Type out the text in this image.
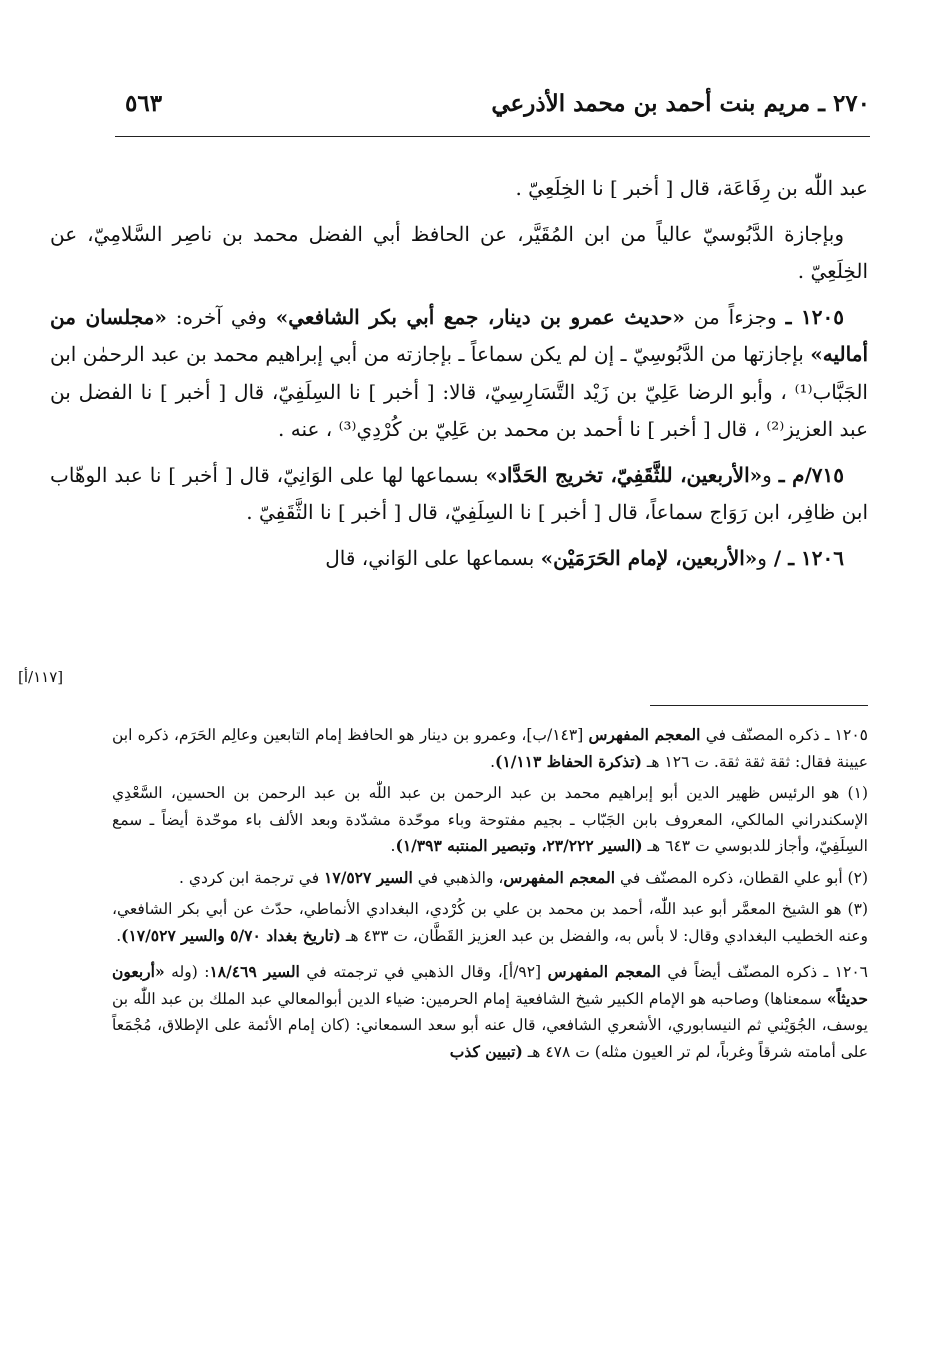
٢٧٠ ـ مريم بنت أحمد بن محمد الأذرعي
٥٦٣

عبد اللّٰه بن رِفَاعَة، قال [ أخبر ] نا الخِلَعِيّ .

وبإجازة الدَّبُوسيّ عالياً من ابن المُقَيَّر، عن الحافظ أبي الفضل محمد بن ناصِر السَّلامِيّ، عن الخِلَعِيّ .

١٢٠٥ ـ وجزءاً من «حديث عمرو بن دينار، جمع أبي بكر الشافعي» وفي آخره: «مجلسان من أماليه» بإجازتها من الدَّبُوسِيّ ـ إن لم يكن سماعاً ـ بإجازته من أبي إبراهيم محمد بن عبد الرحمٰن ابن الجَبَّاب⁽¹⁾ ، وأبو الرضا عَلِيّ بن زَيْد التَّسَارِسِيّ، قالا: [ أخبر ] نا السِلَفِيّ، قال [ أخبر ] نا الفضل بن عبد العزيز⁽²⁾ ، قال [ أخبر ] نا أحمد بن محمد بن عَلِيّ بن كُرْدِي⁽³⁾ ، عنه .

٧١٥/م ـ و«الأربعين، للثَّقَفِيّ، تخريج الحَدَّاد» بسماعها لها على الوَانِيّ، قال [ أخبر ] نا عبد الوهّاب ابن ظافِر، ابن رَوَاج سماعاً، قال [ أخبر ] نا السِلَفِيّ، قال [ أخبر ] نا الثَّقَفِيّ .

١٢٠٦ ـ / و«الأربعين، لإمام الحَرَمَيْن» بسماعها على الوَاني، قال

[١١٧/أ]

١٢٠٥ ـ ذكره المصنّف في المعجم المفهرس [١٤٣/ب]، وعمرو بن دينار هو الحافظ إمام التابعين وعالِم الحَرَم، ذكره ابن عيينة فقال: ثقة ثقة ثقة. ت ١٢٦ هـ (تذكرة الحفاظ ١/١١٣).

(١) هو الرئيس ظهير الدين أبو إبراهيم محمد بن عبد الرحمن بن عبد اللّٰه بن عبد الرحمن بن الحسين، السَّعْدِي الإسكندراني المالكي، المعروف بابن الجَبّاب ـ بجيم مفتوحة وباء موحّدة مشدّدة وبعد الألف باء موحّدة أيضاً ـ سمع السِلَفِيّ، وأجاز للدبوسي ت ٦٤٣ هـ (السير ٢٣/٢٢٢، وتبصير المنتبه ١/٣٩٣).

(٢) أبو علي القطان، ذكره المصنّف في المعجم المفهرس، والذهبي في السير ١٧/٥٢٧ في ترجمة ابن كردي .

(٣) هو الشيخ المعمَّر أبو عبد اللّٰه، أحمد بن محمد بن علي بن كُرْدي، البغدادي الأنماطي، حدّث عن أبي بكر الشافعي، وعنه الخطيب البغدادي وقال: لا بأس به، والفضل بن عبد العزيز القَطَّان، ت ٤٣٣ هـ (تاريخ بغداد ٥/٧٠ والسير ١٧/٥٢٧).

١٢٠٦ ـ ذكره المصنّف أيضاً في المعجم المفهرس [٩٢/أ]، وقال الذهبي في ترجمته في السير ١٨/٤٦٩: (وله «أربعون حديثاً» سمعناها) وصاحبه هو الإمام الكبير شيخ الشافعية إمام الحرمين: ضياء الدين أبوالمعالي عبد الملك بن عبد اللّٰه بن يوسف، الجُوَيْني ثم النيسابوري، الأشعري الشافعي، قال عنه أبو سعد السمعاني: (كان إمام الأئمة على الإطلاق، مُجْمَعاً على أمامته شرقاً وغرباً، لم تر العيون مثله) ت ٤٧٨ هـ (تبيين كذب
